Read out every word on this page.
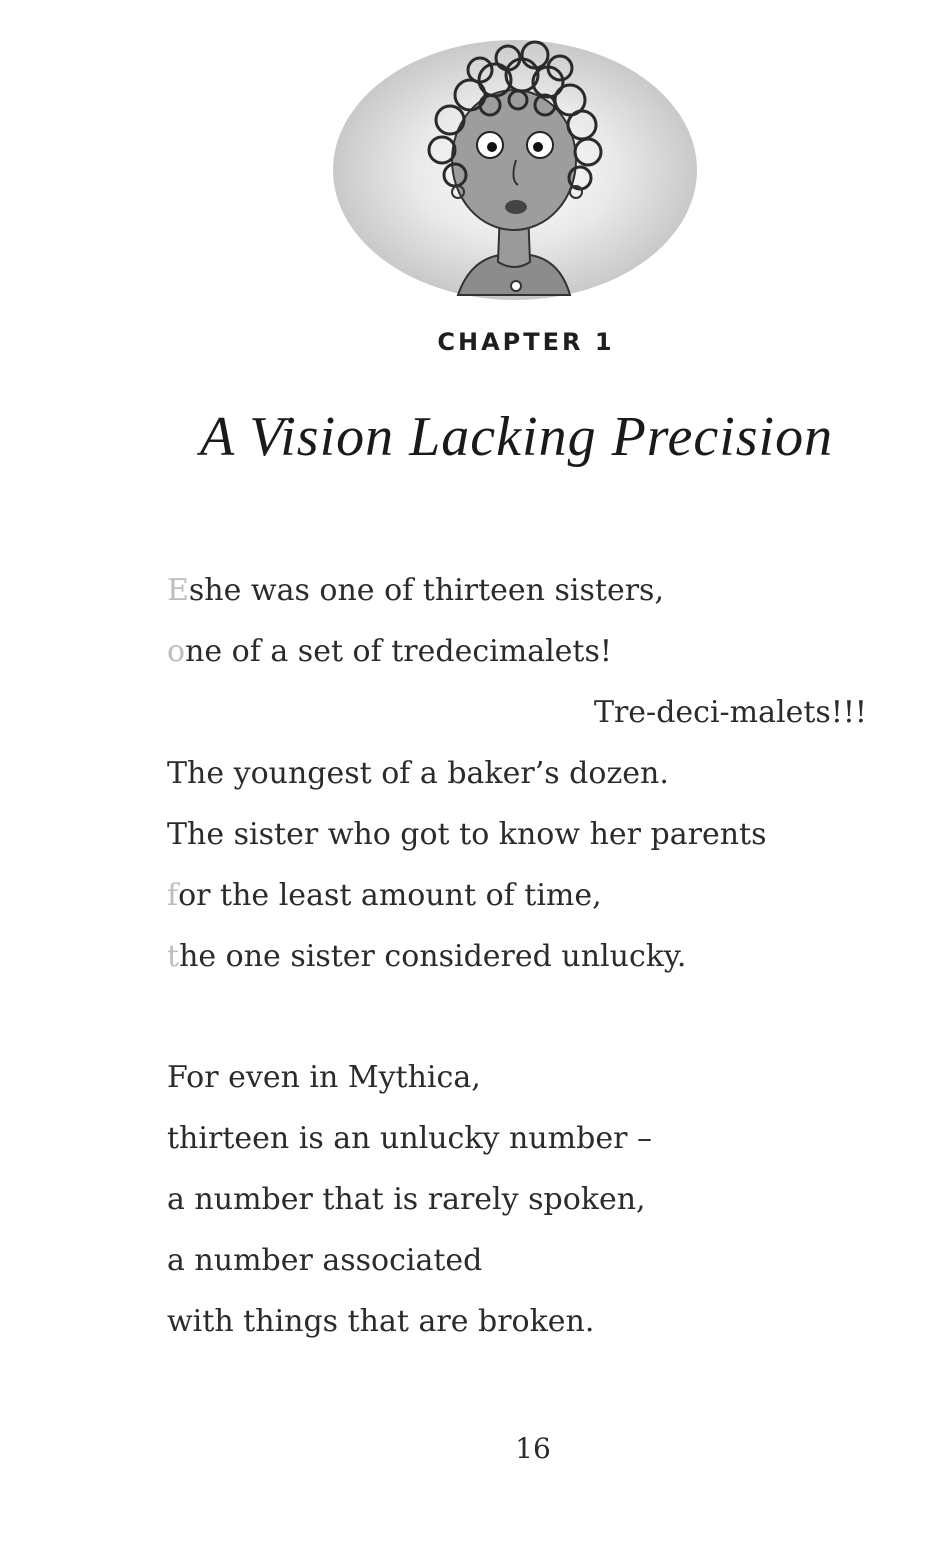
CHAPTER 1
A Vision Lacking Precision
Eshe was one of thirteen sisters,
one of a set of tredecimalets!
Tre-deci-malets!!!
The youngest of a baker’s dozen.
The sister who got to know her parents
for the least amount of time,
the one sister considered unlucky.
For even in Mythica,
thirteen is an unlucky number –
a number that is rarely spoken,
a number associated
with things that are broken.
16
